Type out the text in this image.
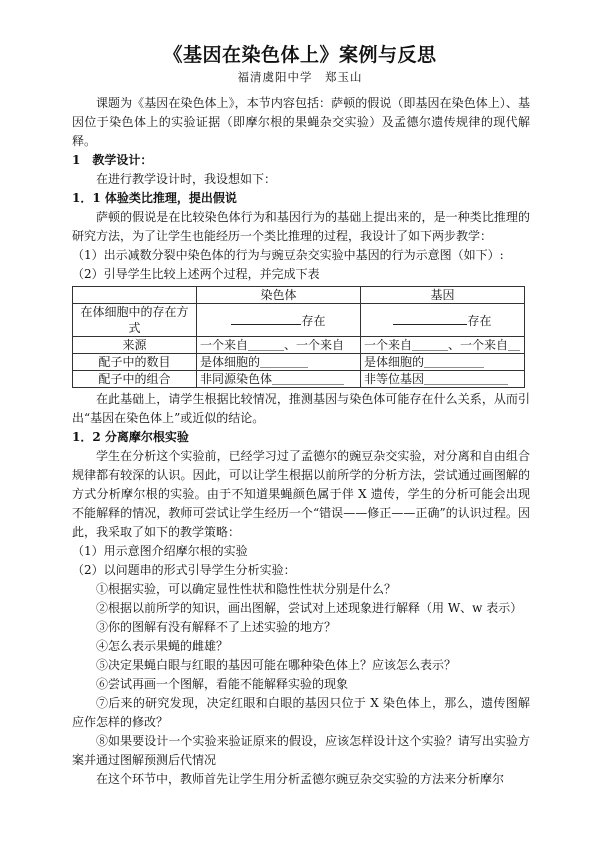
《基因在染色体上》案例与反思
福清虞阳中学　郑玉山

课题为《基因在染色体上》，本节内容包括：萨顿的假说（即基因在染色体上）、基因位于染色体上的实验证据（即摩尔根的果蝇杂交实验）及孟德尔遗传规律的现代解释。

1　教学设计：

在进行教学设计时，我设想如下：

1．1 体验类比推理，提出假说

萨顿的假说是在比较染色体行为和基因行为的基础上提出来的，是一种类比推理的研究方法，为了让学生也能经历一个类比推理的过程，我设计了如下两步教学：

（1）出示减数分裂中染色体的行为与豌豆杂交实验中基因的行为示意图（如下）:

（2）引导学生比较上述两个过程，并完成下表

	染色体	基因
在体细胞中的存在方式	存在	存在
来源	一个来自＿＿＿、一个来自	一个来自＿＿＿、一个来自＿
配子中的数目	是体细胞的＿＿＿＿	是体细胞的＿＿＿＿＿
配子中的组合	非同源染色体＿＿＿＿＿＿	非等位基因＿＿＿＿＿＿＿

在此基础上，请学生根据比较情况，推测基因与染色体可能存在什么关系，从而引出“基因在染色体上”或近似的结论。

1．2 分离摩尔根实验

学生在分析这个实验前，已经学习过了孟德尔的豌豆杂交实验，对分离和自由组合规律都有较深的认识。因此，可以让学生根据以前所学的分析方法，尝试通过画图解的方式分析摩尔根的实验。由于不知道果蝇颜色属于伴 X 遗传，学生的分析可能会出现不能解释的情况，教师可尝试让学生经历一个“错误——修正——正确”的认识过程。因此，我采取了如下的教学策略：

（1）用示意图介绍摩尔根的实验

（2）以问题串的形式引导学生分析实验：

①根据实验，可以确定显性性状和隐性性状分别是什么？

②根据以前所学的知识，画出图解，尝试对上述现象进行解释（用 W、w 表示）

③你的图解有没有解释不了上述实验的地方？

④怎么表示果蝇的雌雄？

⑤决定果蝇白眼与红眼的基因可能在哪种染色体上？应该怎么表示？

⑥尝试再画一个图解，看能不能解释实验的现象

⑦后来的研究发现，决定红眼和白眼的基因只位于 X 染色体上，那么，遗传图解应作怎样的修改？

⑧如果要设计一个实验来验证原来的假设，应该怎样设计这个实验？请写出实验方案并通过图解预测后代情况

在这个环节中，教师首先让学生用分析孟德尔豌豆杂交实验的方法来分析摩尔
